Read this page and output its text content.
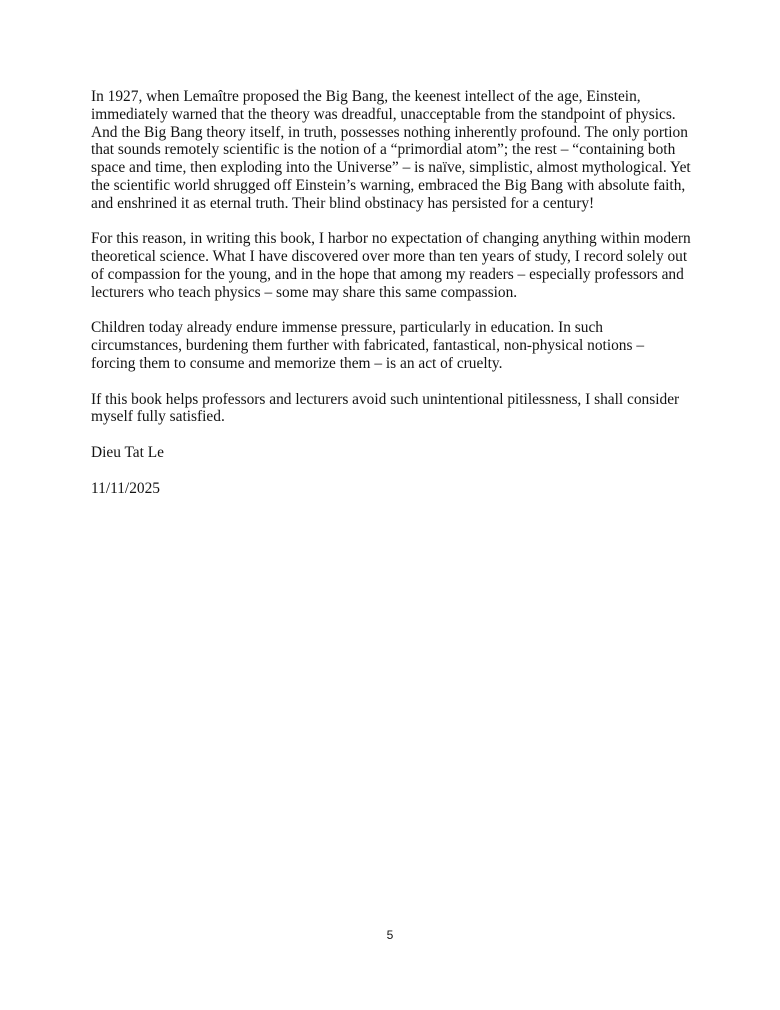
In 1927, when Lemaître proposed the Big Bang, the keenest intellect of the age, Einstein, immediately warned that the theory was dreadful, unacceptable from the standpoint of physics. And the Big Bang theory itself, in truth, possesses nothing inherently profound. The only portion that sounds remotely scientific is the notion of a “primordial atom”; the rest – “containing both space and time, then exploding into the Universe” – is naïve, simplistic, almost mythological. Yet the scientific world shrugged off Einstein’s warning, embraced the Big Bang with absolute faith, and enshrined it as eternal truth. Their blind obstinacy has persisted for a century!

For this reason, in writing this book, I harbor no expectation of changing anything within modern theoretical science. What I have discovered over more than ten years of study, I record solely out of compassion for the young, and in the hope that among my readers – especially professors and lecturers who teach physics – some may share this same compassion.

Children today already endure immense pressure, particularly in education. In such circumstances, burdening them further with fabricated, fantastical, non-physical notions – forcing them to consume and memorize them – is an act of cruelty.

If this book helps professors and lecturers avoid such unintentional pitilessness, I shall consider myself fully satisfied.

Dieu Tat Le

11/11/2025

5
